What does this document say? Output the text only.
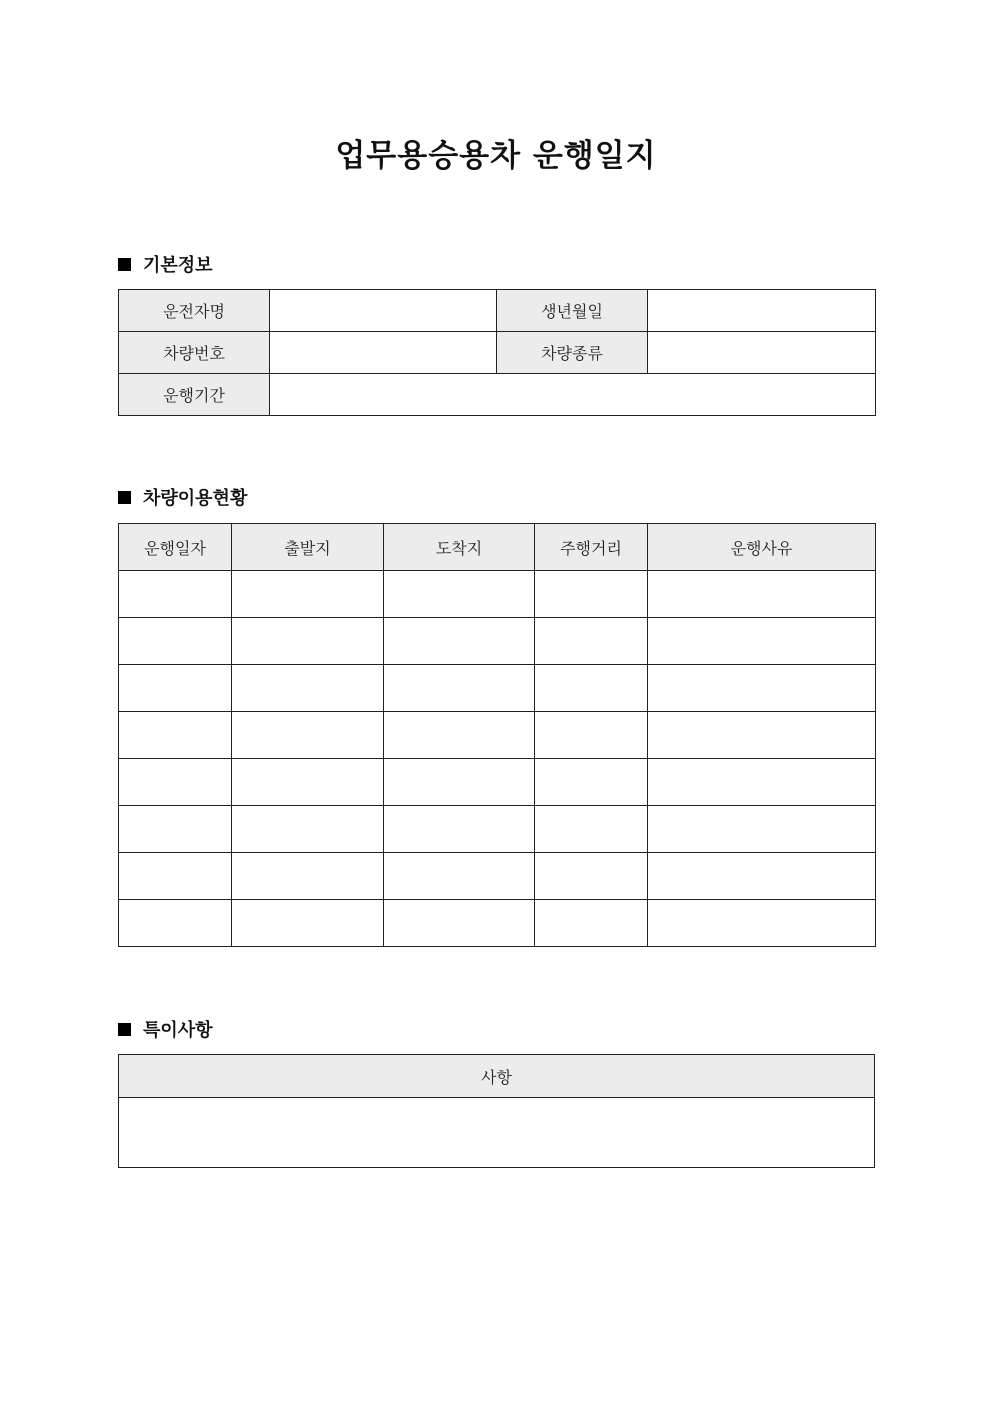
업무용승용차 운행일지
기본정보
운전자명		생년월일	
차량번호		차량종류	
운행기간			
차량이용현황
운행일자	출발지	도착지	주행거리	운행사유

특이사항
사항
